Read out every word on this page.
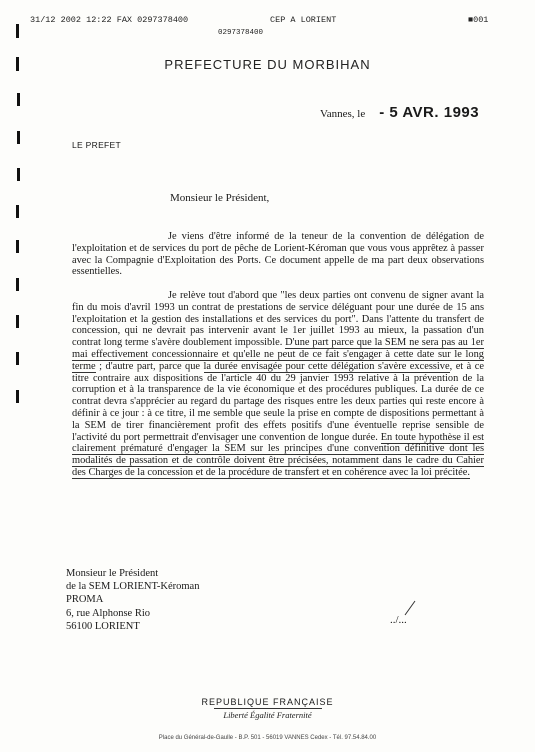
31/12 2002 12:22 FAX 0297378400	CEP A LORIENT	■001
0297378400
PREFECTURE DU MORBIHAN
Vannes, le - 5 AVR. 1993
LE PREFET
Monsieur le Président,

Je viens d'être informé de la teneur de la convention de délégation de l'exploitation et de services du port de pêche de Lorient-Kéroman que vous vous apprêtez à passer avec la Compagnie d'Exploitation des Ports. Ce document appelle de ma part deux observations essentielles.

Je relève tout d'abord que "les deux parties ont convenu de signer avant la fin du mois d'avril 1993 un contrat de prestations de service déléguant pour une durée de 15 ans l'exploitation et la gestion des installations et des services du port". Dans l'attente du transfert de concession, qui ne devrait pas intervenir avant le 1er juillet 1993 au mieux, la passation d'un contrat long terme s'avère doublement impossible. D'une part parce que la SEM ne sera pas au 1er mai effectivement concessionnaire et qu'elle ne peut de ce fait s'engager à cette date sur le long terme ; d'autre part, parce que la durée envisagée pour cette délégation s'avère excessive, et à ce titre contraire aux dispositions de l'article 40 du 29 janvier 1993 relative à la prévention de la corruption et à la transparence de la vie économique et des procédures publiques. La durée de ce contrat devra s'apprécier au regard du partage des risques entre les deux parties qui reste encore à définir à ce jour : à ce titre, il me semble que seule la prise en compte de dispositions permettant à la SEM de tirer financièrement profit des effets positifs d'une éventuelle reprise sensible de l'activité du port permettrait d'envisager une convention de longue durée. En toute hypothèse il est clairement prématuré d'engager la SEM sur les principes d'une convention définitive dont les modalités de passation et de contrôle doivent être précisées, notamment dans le cadre du Cahier des Charges de la concession et de la procédure de transfert et en cohérence avec la loi précitée.

Monsieur le Président
de la SEM LORIENT-Kéroman
PROMA
6, rue Alphonse Rio
56100 LORIENT
../...
REPUBLIQUE FRANÇAISE
Liberté Égalité Fraternité
Place du Général-de-Gaulle - B.P. 501 - 56019 VANNES Cedex - Tél. 97.54.84.00
